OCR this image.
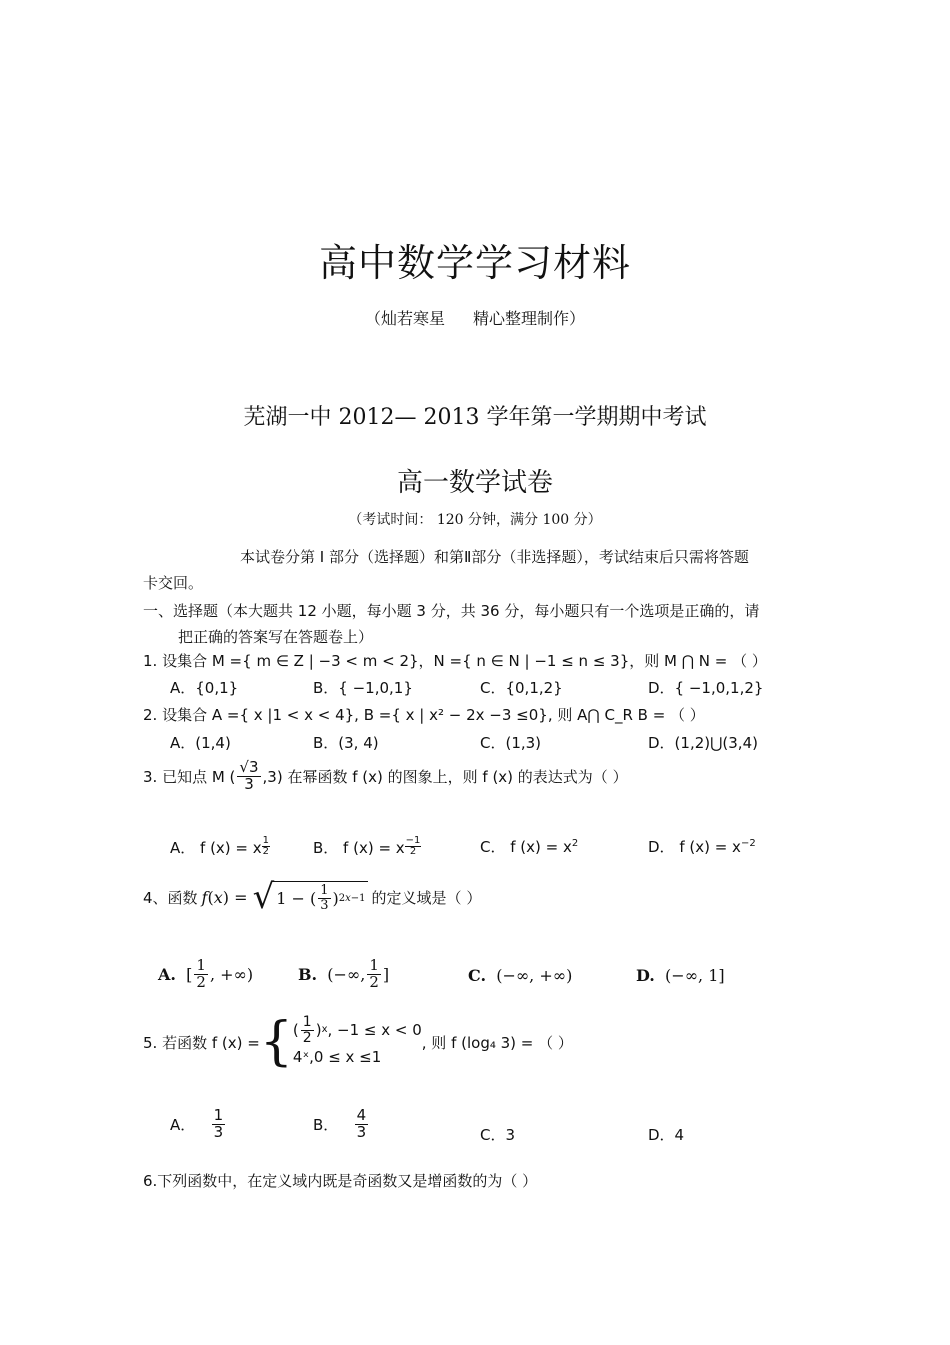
高中数学学习材料
（灿若寒星 精心整理制作）
芜湖一中 2012— 2013 学年第一学期期中考试
高一数学试卷
（考试时间： 120 分钟，满分 100 分）
本试卷分第 Ⅰ 部分（选择题）和第Ⅱ部分（非选择题），考试结束后只需将答题
卡交回。
一、选择题（本大题共 12 小题，每小题 3 分，共 36 分，每小题只有一个选项是正确的，请
把正确的答案写在答题卷上）
1. 设集合 M ={ m ∈ Z | −3 < m < 2}，N ={ n ∈ N | −1 ≤ n ≤ 3}，则 M ⋂ N = （ ）
A．{0,1}	B．{ −1,0,1}	C．{0,1,2}	D．{ −1,0,1,2}
2. 设集合 A ={ x |1 < x < 4}, B ={ x | x² − 2x −3 ≤0}, 则 A⋂ C_R B = （ ）
A．(1,4)	B．(3, 4)	C．(1,3)	D．(1,2)⋃(3,4)
3. 已知点 M ( $\frac{√3}{3} ,3$) 在幂函数 f (x) 的图象上，则 f (x) 的表达式为（ ）
A． f (x) = x $\frac{1}{2}$	B． f (x) = x $\frac{-1}{2}$	C． f $(x) = x^2$	D． f $(x) = x^{-2}$
4、函数 f ( x ) = √ 1 − ( $\frac{1}{3}$ ) 2x−1 的定义域是（ ）
A. [ $\frac{1}{2}$ , +∞)	B. (−∞, $\frac{1}{2}$ ]	C.  (−∞, +∞)	D.  (−∞, 1]
5. 若函数 f (x) = { ( $\frac{1}{2}$ ) x , −1 ≤ x < 0
4ˣ,0 ≤ x ≤1
, 则 f (log₄ 3) = （ ）
A． $\frac{1}{3}$	B． $\frac{4}{3}$	C．3	D．4
6.下列函数中，在定义域内既是奇函数又是增函数的为（ ）
